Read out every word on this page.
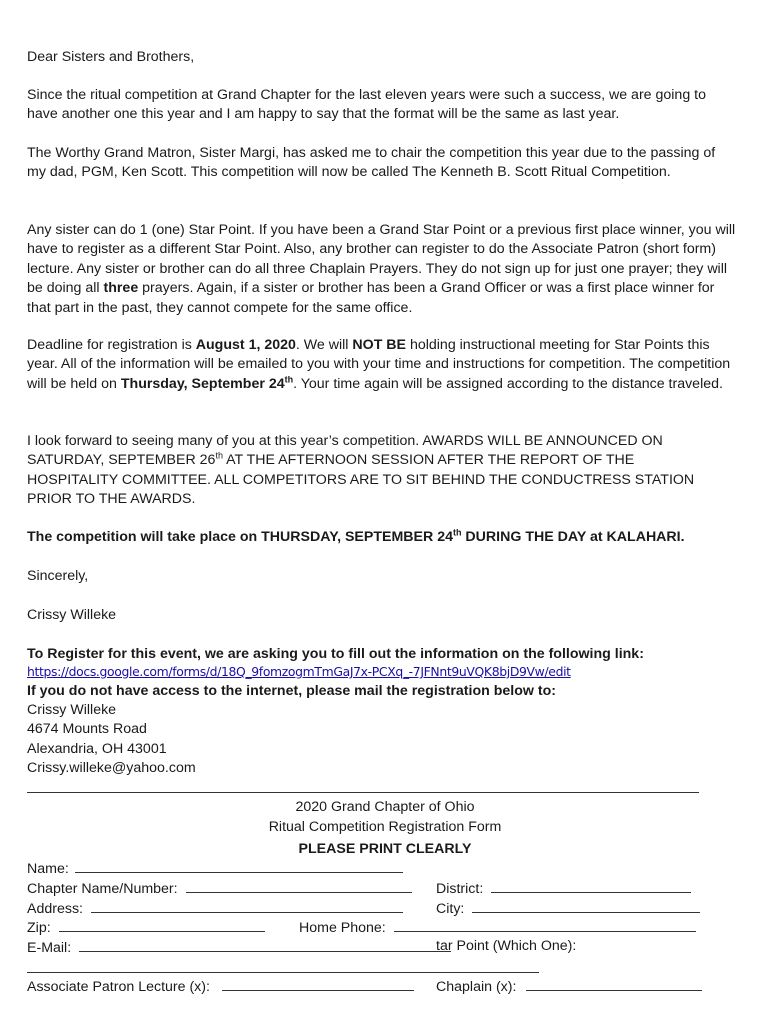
Dear Sisters and Brothers,

Since the ritual competition at Grand Chapter for the last eleven years were such a success, we are going to have another one this year and I am happy to say that the format will be the same as last year.

The Worthy Grand Matron, Sister Margi, has asked me to chair the competition this year due to the passing of my dad, PGM, Ken Scott. This competition will now be called The Kenneth B. Scott Ritual Competition.

Any sister can do 1 (one) Star Point. If you have been a Grand Star Point or a previous first place winner, you will have to register as a different Star Point. Also, any brother can register to do the Associate Patron (short form) lecture. Any sister or brother can do all three Chaplain Prayers. They do not sign up for just one prayer; they will be doing all three prayers. Again, if a sister or brother has been a Grand Officer or was a first place winner for that part in the past, they cannot compete for the same office.

Deadline for registration is August 1, 2020. We will NOT BE holding instructional meeting for Star Points this year. All of the information will be emailed to you with your time and instructions for competition. The competition will be held on Thursday, September 24th. Your time again will be assigned according to the distance traveled.

I look forward to seeing many of you at this year’s competition. AWARDS WILL BE ANNOUNCED ON SATURDAY, SEPTEMBER 26th AT THE AFTERNOON SESSION AFTER THE REPORT OF THE HOSPITALITY COMMITTEE. ALL COMPETITORS ARE TO SIT BEHIND THE CONDUCTRESS STATION PRIOR TO THE AWARDS.

The competition will take place on THURSDAY, SEPTEMBER 24th DURING THE DAY at KALAHARI.

Sincerely,

Crissy Willeke

To Register for this event, we are asking you to fill out the information on the following link:

https://docs.google.com/forms/d/18Q_9fomzogmTmGaJ7x-PCXq_-7JFNnt9uVQK8bjD9Vw/edit

If you do not have access to the internet, please mail the registration below to:

Crissy Willeke

4674 Mounts Road

Alexandria, OH 43001

Crissy.willeke@yahoo.com

2020 Grand Chapter of Ohio
Ritual Competition Registration Form
PLEASE PRINT CLEARLY
Name:
Chapter Name/Number:	District:
Address:	City:
Zip:	Home Phone:
E-Mail:	tar Point (Which One):
Associate Patron Lecture (x):	Chaplain (x):
